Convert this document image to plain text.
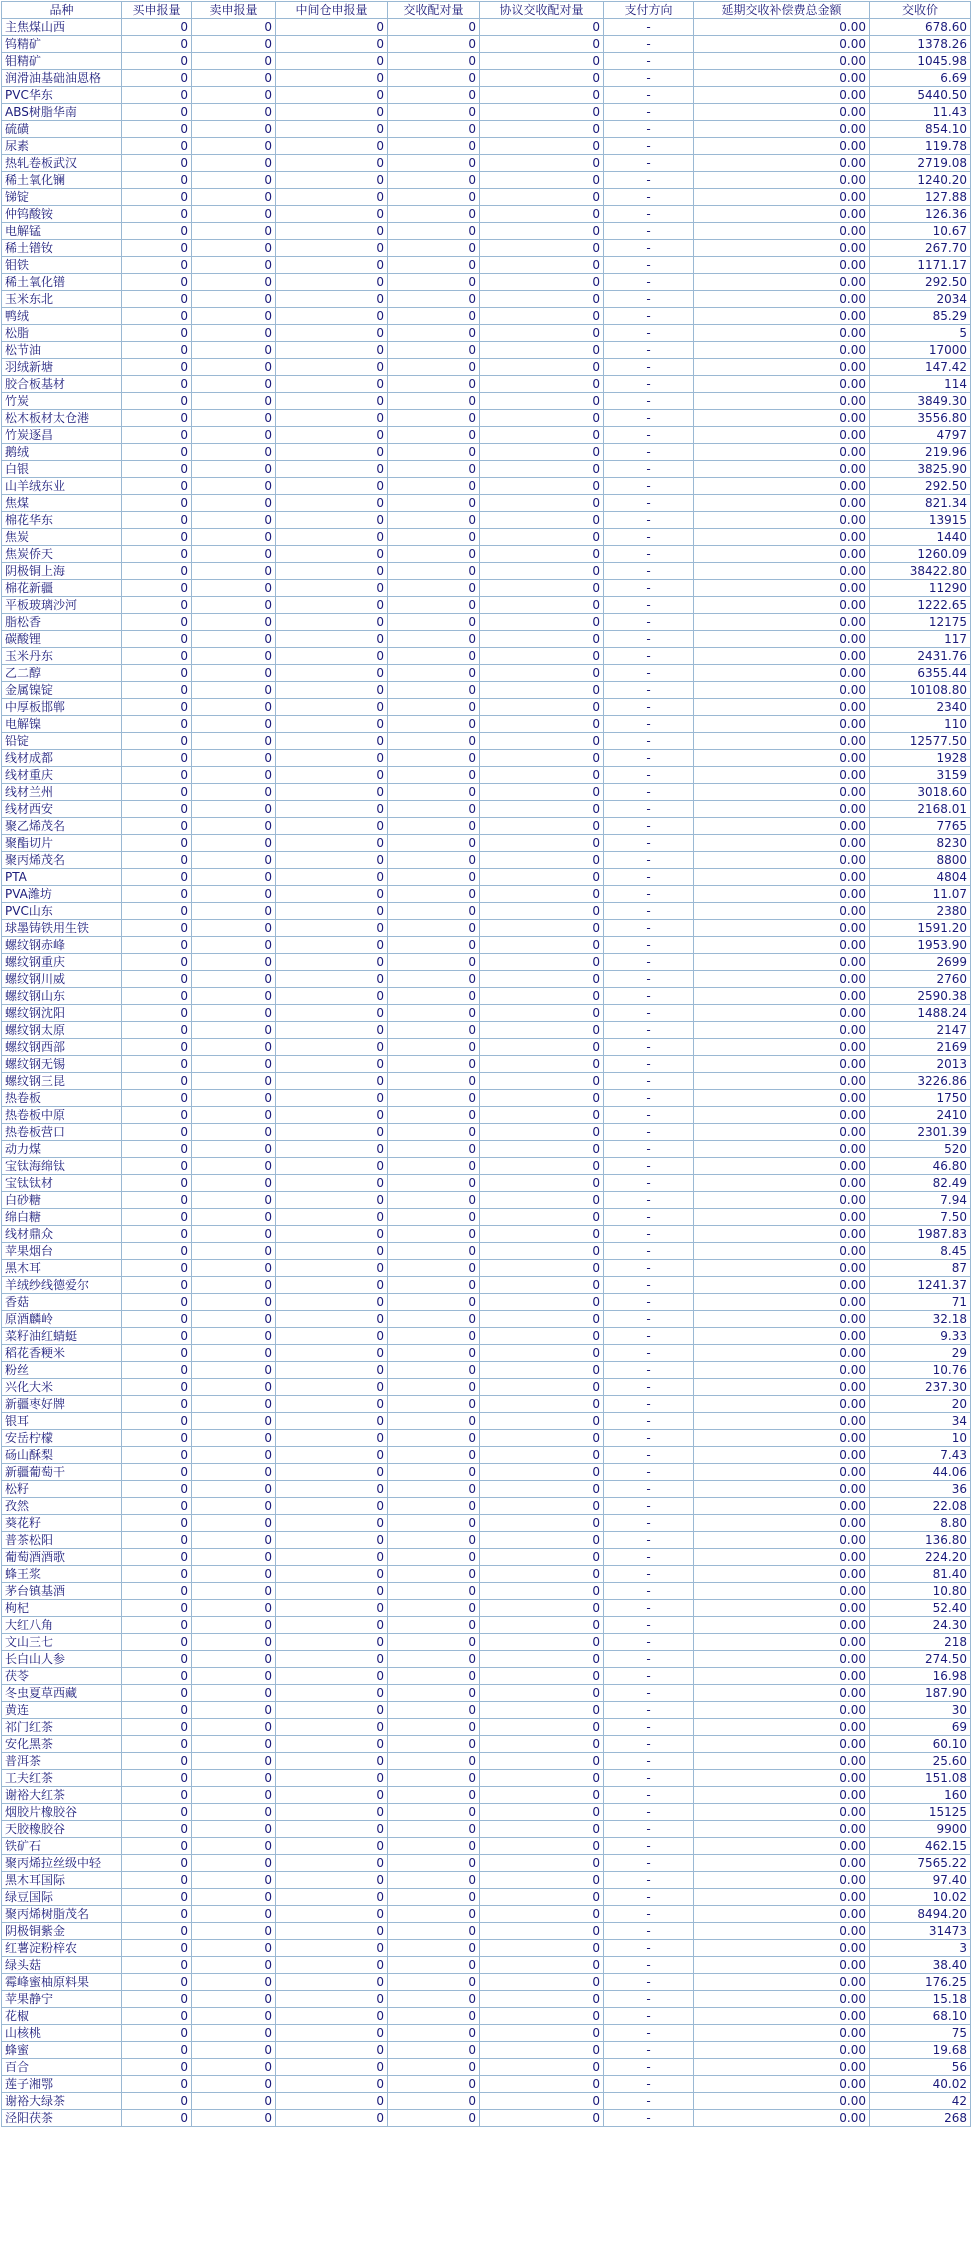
品种	买申报量	卖申报量	中间仓申报量	交收配对量	协议交收配对量	支付方向	延期交收补偿费总金额	交收价
主焦煤山西	0	0	0	0	0	-	0.00	678.60
钨精矿	0	0	0	0	0	-	0.00	1378.26
钼精矿	0	0	0	0	0	-	0.00	1045.98
润滑油基础油恩格	0	0	0	0	0	-	0.00	6.69
PVC华东	0	0	0	0	0	-	0.00	5440.50
ABS树脂华南	0	0	0	0	0	-	0.00	11.43
硫磺	0	0	0	0	0	-	0.00	854.10
尿素	0	0	0	0	0	-	0.00	119.78
热轧卷板武汉	0	0	0	0	0	-	0.00	2719.08
稀土氧化镧	0	0	0	0	0	-	0.00	1240.20
锑锭	0	0	0	0	0	-	0.00	127.88
仲钨酸铵	0	0	0	0	0	-	0.00	126.36
电解锰	0	0	0	0	0	-	0.00	10.67
稀土镨钕	0	0	0	0	0	-	0.00	267.70
钼铁	0	0	0	0	0	-	0.00	1171.17
稀土氧化镨	0	0	0	0	0	-	0.00	292.50
玉米东北	0	0	0	0	0	-	0.00	2034
鸭绒	0	0	0	0	0	-	0.00	85.29
松脂	0	0	0	0	0	-	0.00	5
松节油	0	0	0	0	0	-	0.00	17000
羽绒新塘	0	0	0	0	0	-	0.00	147.42
胶合板基材	0	0	0	0	0	-	0.00	114
竹炭	0	0	0	0	0	-	0.00	3849.30
松木板材太仓港	0	0	0	0	0	-	0.00	3556.80
竹炭逐昌	0	0	0	0	0	-	0.00	4797
鹅绒	0	0	0	0	0	-	0.00	219.96
白银	0	0	0	0	0	-	0.00	3825.90
山羊绒东业	0	0	0	0	0	-	0.00	292.50
焦煤	0	0	0	0	0	-	0.00	821.34
棉花华东	0	0	0	0	0	-	0.00	13915
焦炭	0	0	0	0	0	-	0.00	1440
焦炭侨天	0	0	0	0	0	-	0.00	1260.09
阴极铜上海	0	0	0	0	0	-	0.00	38422.80
棉花新疆	0	0	0	0	0	-	0.00	11290
平板玻璃沙河	0	0	0	0	0	-	0.00	1222.65
脂松香	0	0	0	0	0	-	0.00	12175
碳酸锂	0	0	0	0	0	-	0.00	117
玉米丹东	0	0	0	0	0	-	0.00	2431.76
乙二醇	0	0	0	0	0	-	0.00	6355.44
金属镍锭	0	0	0	0	0	-	0.00	10108.80
中厚板邯郸	0	0	0	0	0	-	0.00	2340
电解镍	0	0	0	0	0	-	0.00	110
铅锭	0	0	0	0	0	-	0.00	12577.50
线材成都	0	0	0	0	0	-	0.00	1928
线材重庆	0	0	0	0	0	-	0.00	3159
线材兰州	0	0	0	0	0	-	0.00	3018.60
线材西安	0	0	0	0	0	-	0.00	2168.01
聚乙烯茂名	0	0	0	0	0	-	0.00	7765
聚酯切片	0	0	0	0	0	-	0.00	8230
聚丙烯茂名	0	0	0	0	0	-	0.00	8800
PTA	0	0	0	0	0	-	0.00	4804
PVA潍坊	0	0	0	0	0	-	0.00	11.07
PVC山东	0	0	0	0	0	-	0.00	2380
球墨铸铁用生铁	0	0	0	0	0	-	0.00	1591.20
螺纹钢赤峰	0	0	0	0	0	-	0.00	1953.90
螺纹钢重庆	0	0	0	0	0	-	0.00	2699
螺纹钢川威	0	0	0	0	0	-	0.00	2760
螺纹钢山东	0	0	0	0	0	-	0.00	2590.38
螺纹钢沈阳	0	0	0	0	0	-	0.00	1488.24
螺纹钢太原	0	0	0	0	0	-	0.00	2147
螺纹钢西部	0	0	0	0	0	-	0.00	2169
螺纹钢无锡	0	0	0	0	0	-	0.00	2013
螺纹钢三昆	0	0	0	0	0	-	0.00	3226.86
热卷板	0	0	0	0	0	-	0.00	1750
热卷板中原	0	0	0	0	0	-	0.00	2410
热卷板营口	0	0	0	0	0	-	0.00	2301.39
动力煤	0	0	0	0	0	-	0.00	520
宝钛海绵钛	0	0	0	0	0	-	0.00	46.80
宝钛钛材	0	0	0	0	0	-	0.00	82.49
白砂糖	0	0	0	0	0	-	0.00	7.94
绵白糖	0	0	0	0	0	-	0.00	7.50
线材鼎众	0	0	0	0	0	-	0.00	1987.83
苹果烟台	0	0	0	0	0	-	0.00	8.45
黑木耳	0	0	0	0	0	-	0.00	87
羊绒纱线德爱尔	0	0	0	0	0	-	0.00	1241.37
香菇	0	0	0	0	0	-	0.00	71
原酒麟岭	0	0	0	0	0	-	0.00	32.18
菜籽油红蜻蜓	0	0	0	0	0	-	0.00	9.33
稻花香粳米	0	0	0	0	0	-	0.00	29
粉丝	0	0	0	0	0	-	0.00	10.76
兴化大米	0	0	0	0	0	-	0.00	237.30
新疆枣好牌	0	0	0	0	0	-	0.00	20
银耳	0	0	0	0	0	-	0.00	34
安岳柠檬	0	0	0	0	0	-	0.00	10
砀山酥梨	0	0	0	0	0	-	0.00	7.43
新疆葡萄干	0	0	0	0	0	-	0.00	44.06
松籽	0	0	0	0	0	-	0.00	36
孜然	0	0	0	0	0	-	0.00	22.08
葵花籽	0	0	0	0	0	-	0.00	8.80
普茶松阳	0	0	0	0	0	-	0.00	136.80
葡萄酒酒歌	0	0	0	0	0	-	0.00	224.20
蜂王浆	0	0	0	0	0	-	0.00	81.40
茅台镇基酒	0	0	0	0	0	-	0.00	10.80
枸杞	0	0	0	0	0	-	0.00	52.40
大红八角	0	0	0	0	0	-	0.00	24.30
文山三七	0	0	0	0	0	-	0.00	218
长白山人参	0	0	0	0	0	-	0.00	274.50
茯苓	0	0	0	0	0	-	0.00	16.98
冬虫夏草西藏	0	0	0	0	0	-	0.00	187.90
黄连	0	0	0	0	0	-	0.00	30
祁门红茶	0	0	0	0	0	-	0.00	69
安化黑茶	0	0	0	0	0	-	0.00	60.10
普洱茶	0	0	0	0	0	-	0.00	25.60
工夫红茶	0	0	0	0	0	-	0.00	151.08
谢裕大红茶	0	0	0	0	0	-	0.00	160
烟胶片橡胶谷	0	0	0	0	0	-	0.00	15125
天胶橡胶谷	0	0	0	0	0	-	0.00	9900
铁矿石	0	0	0	0	0	-	0.00	462.15
聚丙烯拉丝级中轻	0	0	0	0	0	-	0.00	7565.22
黑木耳国际	0	0	0	0	0	-	0.00	97.40
绿豆国际	0	0	0	0	0	-	0.00	10.02
聚丙烯树脂茂名	0	0	0	0	0	-	0.00	8494.20
阴极铜紫金	0	0	0	0	0	-	0.00	31473
红薯淀粉梓农	0	0	0	0	0	-	0.00	3
绿头菇	0	0	0	0	0	-	0.00	38.40
霉峰蜜柚原料果	0	0	0	0	0	-	0.00	176.25
苹果静宁	0	0	0	0	0	-	0.00	15.18
花椒	0	0	0	0	0	-	0.00	68.10
山核桃	0	0	0	0	0	-	0.00	75
蜂蜜	0	0	0	0	0	-	0.00	19.68
百合	0	0	0	0	0	-	0.00	56
莲子湘鄂	0	0	0	0	0	-	0.00	40.02
谢裕大绿茶	0	0	0	0	0	-	0.00	42
泾阳茯茶	0	0	0	0	0	-	0.00	268
